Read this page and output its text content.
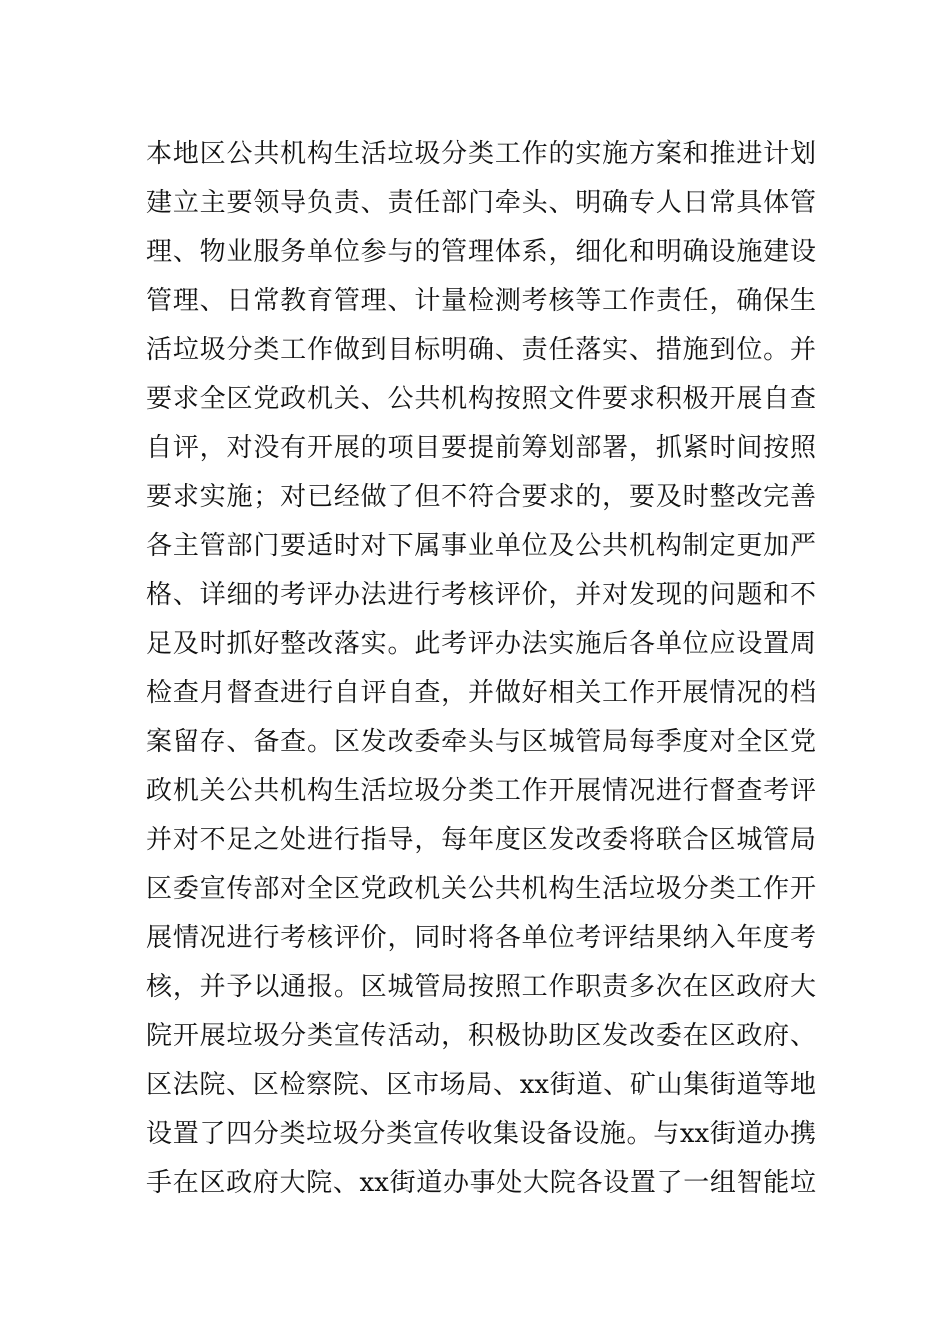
本地区公共机构生活垃圾分类工作的实施方案和推进计划
建立主要领导负责、责任部门牵头、明确专人日常具体管
理、物业服务单位参与的管理体系，细化和明确设施建设
管理、日常教育管理、计量检测考核等工作责任，确保生
活垃圾分类工作做到目标明确、责任落实、措施到位。并
要求全区党政机关、公共机构按照文件要求积极开展自查
自评，对没有开展的项目要提前筹划部署，抓紧时间按照
要求实施；对已经做了但不符合要求的，要及时整改完善
各主管部门要适时对下属事业单位及公共机构制定更加严
格、详细的考评办法进行考核评价，并对发现的问题和不
足及时抓好整改落实。此考评办法实施后各单位应设置周
检查月督查进行自评自查，并做好相关工作开展情况的档
案留存、备查。区发改委牵头与区城管局每季度对全区党
政机关公共机构生活垃圾分类工作开展情况进行督查考评
并对不足之处进行指导，每年度区发改委将联合区城管局
区委宣传部对全区党政机关公共机构生活垃圾分类工作开
展情况进行考核评价，同时将各单位考评结果纳入年度考
核，并予以通报。区城管局按照工作职责多次在区政府大
院开展垃圾分类宣传活动，积极协助区发改委在区政府、
区法院、区检察院、区市场局、xx街道、矿山集街道等地
设置了四分类垃圾分类宣传收集设备设施。与xx街道办携
手在区政府大院、xx街道办事处大院各设置了一组智能垃
